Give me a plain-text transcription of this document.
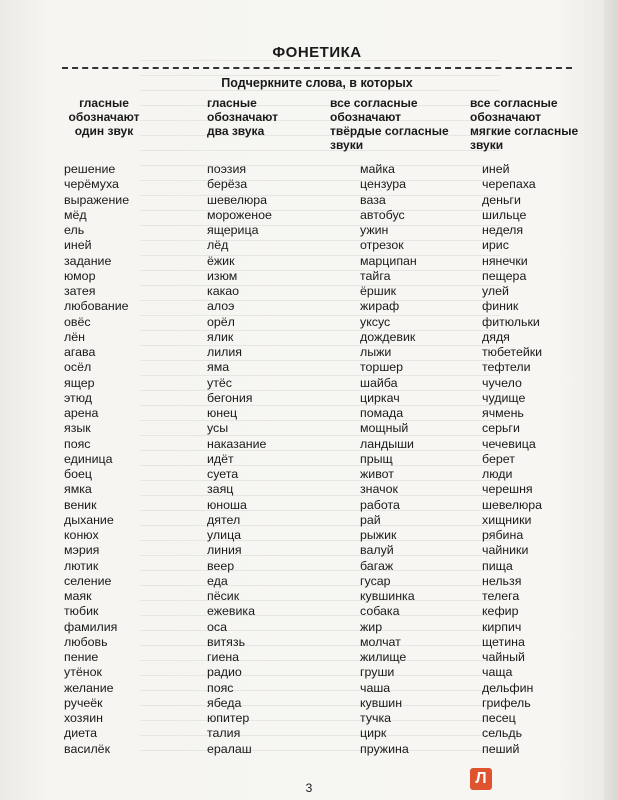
ФОНЕТИКА
Подчеркните слова, в которых
гласные
обозначают
один звук
решение
черёмуха
выражение
мёд
ель
иней
задание
юмор
затея
любование
овёс
лён
агава
осёл
ящер
этюд
арена
язык
пояс
единица
боец
ямка
веник
дыхание
конюх
мэрия
лютик
селение
маяк
тюбик
фамилия
любовь
пение
утёнок
желание
ручеёк
хозяин
диета
василёк
гласные
обозначают
два звука
поэзия
берёза
шевелюра
мороженое
ящерица
лёд
ёжик
изюм
какао
алоэ
орёл
ялик
лилия
яма
утёс
бегония
юнец
усы
наказание
идёт
суета
заяц
юноша
дятел
улица
линия
веер
еда
пёсик
ежевика
оса
витязь
гиена
радио
пояс
ябеда
юпитер
талия
ералаш
все согласные
обозначают
твёрдые согласные
звуки
майка
цензура
ваза
автобус
ужин
отрезок
марципан
тайга
ёршик
жираф
уксус
дождевик
лыжи
торшер
шайба
циркач
помада
мощный
ландыши
прыщ
живот
значок
работа
рай
рыжик
валуй
багаж
гусар
кувшинка
собака
жир
молчат
жилище
груши
чаша
кувшин
тучка
цирк
пружина
все согласные
обозначают
мягкие согласные
звуки
иней
черепаха
деньги
шильце
неделя
ирис
нянечки
пещера
улей
финик
фитюльки
дядя
тюбетейки
тефтели
чучело
чудище
ячмень
серьги
чечевица
берет
люди
черешня
шевелюра
хищники
рябина
чайники
пища
нельзя
телега
кефир
кирпич
щетина
чайный
чаща
дельфин
грифель
песец
сельдь
пеший
Л
3
